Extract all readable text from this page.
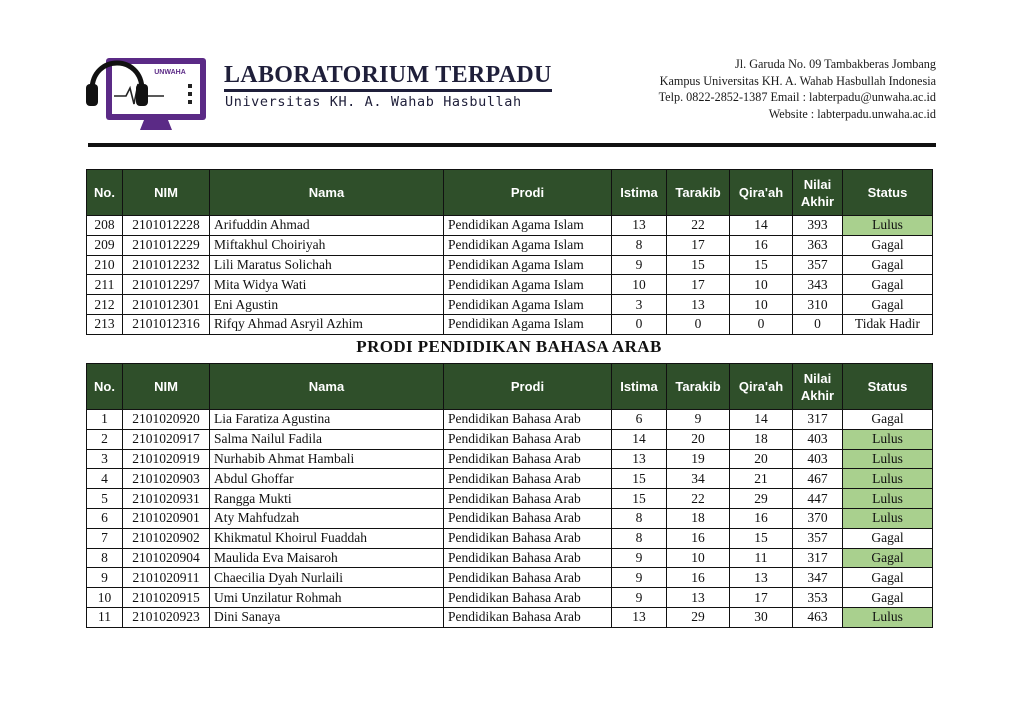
UNWAHA LABORATORIUM TERPADU
Universitas KH. A. Wahab Hasbullah
Jl. Garuda No. 09 Tambakberas Jombang
Kampus Universitas KH. A. Wahab Hasbullah Indonesia
Telp. 0822-2852-1387 Email : labterpadu@unwaha.ac.id
Website : labterpadu.unwaha.ac.id
No.	NIM	Nama	Prodi	Istima	Tarakib	Qira'ah	Nilai Akhir	Status
208	2101012228	Arifuddin Ahmad	Pendidikan Agama Islam	13	22	14	393	Lulus
209	2101012229	Miftakhul Choiriyah	Pendidikan Agama Islam	8	17	16	363	Gagal
210	2101012232	Lili Maratus Solichah	Pendidikan Agama Islam	9	15	15	357	Gagal
211	2101012297	Mita Widya Wati	Pendidikan Agama Islam	10	17	10	343	Gagal
212	2101012301	Eni Agustin	Pendidikan Agama Islam	3	13	10	310	Gagal
213	2101012316	Rifqy Ahmad Asryil Azhim	Pendidikan Agama Islam	0	0	0	0	Tidak Hadir
PRODI PENDIDIKAN BAHASA ARAB
No.	NIM	Nama	Prodi	Istima	Tarakib	Qira'ah	Nilai Akhir	Status
1	2101020920	Lia Faratiza Agustina	Pendidikan Bahasa Arab	6	9	14	317	Gagal
2	2101020917	Salma Nailul Fadila	Pendidikan Bahasa Arab	14	20	18	403	Lulus
3	2101020919	Nurhabib Ahmat Hambali	Pendidikan Bahasa Arab	13	19	20	403	Lulus
4	2101020903	Abdul Ghoffar	Pendidikan Bahasa Arab	15	34	21	467	Lulus
5	2101020931	Rangga Mukti	Pendidikan Bahasa Arab	15	22	29	447	Lulus
6	2101020901	Aty Mahfudzah	Pendidikan Bahasa Arab	8	18	16	370	Lulus
7	2101020902	Khikmatul Khoirul Fuaddah	Pendidikan Bahasa Arab	8	16	15	357	Gagal
8	2101020904	Maulida Eva Maisaroh	Pendidikan Bahasa Arab	9	10	11	317	Gagal
9	2101020911	Chaecilia Dyah Nurlaili	Pendidikan Bahasa Arab	9	16	13	347	Gagal
10	2101020915	Umi Unzilatur Rohmah	Pendidikan Bahasa Arab	9	13	17	353	Gagal
11	2101020923	Dini Sanaya	Pendidikan Bahasa Arab	13	29	30	463	Lulus
